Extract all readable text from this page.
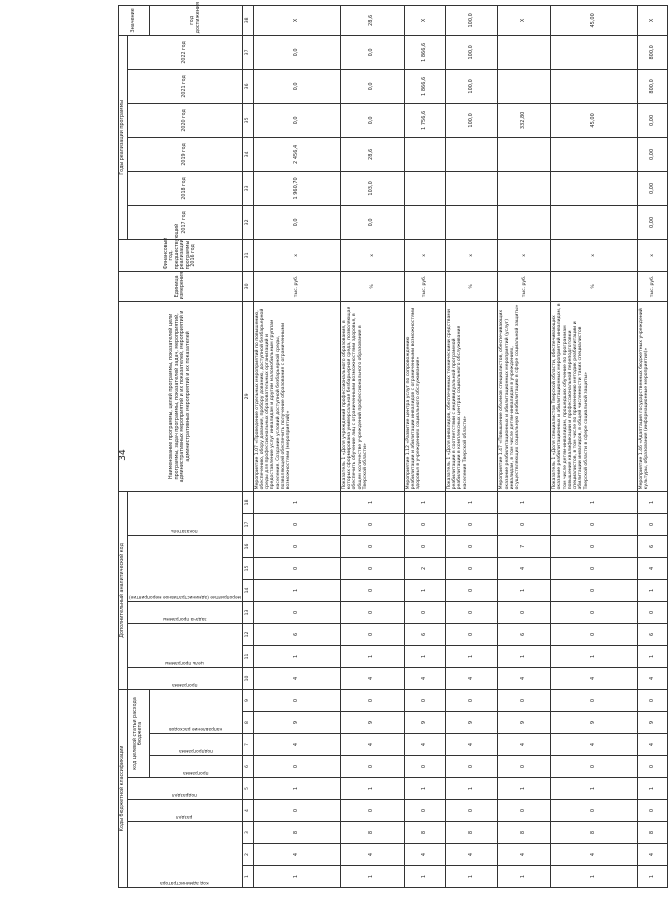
34
Коды бюджетной классификации									Дополнительный аналитический код									Наименование программы, целей программы, показателей цели программы, задач программы, показателей задач, мероприятий, административных мероприятий и их показателей, мероприятий и административных мероприятий и их показателей	Единица измерения	Финансовый год, предшествующий реализации программы 2016 год	Годы реализации программы						Значение

код администратора			раздел	подраздел	код целевой статьи расхода бюджета				программа	цель программы		задача программы	мероприятие (административное мероприятие)			показатель					2017 год	2018 год	2019 год	2020 год	2021 год	2022 год	

					программа	подпрограмма	направление расходов																				год достижения
1	2	3	4	5	6	7	8	9	10	11	12	13	14	15	16	17	18	29	30	31	32	33	34	35	36	37	38
1	4	8	0	1	0	4	9	0	4	1	6	0	1	0	0	0	1	Мероприятие 1.07 «Проведение отдельных мероприятий по повышению, обеспечению, обору дования, пробору дованию, доступной безбарьерной среды для профессиональных образовательных организаций и предоставление услуг инвалидам и другим маломобильным группам населения. Создание условий доступной безбарьерной среды, позволяющей обеспечить получение образования с ограниченными возможностями (мероприятий)»	тыс. руб.	х	0,0	1 960,70	2 456,4	0,0	0,0	0,0	Х
1	4	8	0	1	0	4	9	0	4	1	0	0	0	0	0	0	1	Показатель 1 «Доля учреждений профессионального образования, в которых сформирована универсальная безбарьерная среда, позволяющая обеспечить обучение лиц с ограниченными возможностями здоровья, в общем количестве учреждений профессионального образования в Тверской области»	%	х	0,0	103,0	28,6	0,0	0,0	0,0	28,6
1	4	8	0	1	0	4	9	0	4	1	6	0	1	2	0	0	1	Мероприятие 1.12 «Развитие центра услуг по сопровождению реабилитации и абилитации инвалидов с ограниченными возможностями здоровья в учреждениях социального обслуживания»	тыс. руб.	х				1 756,6	1 866,6	1 866,6	Х
1	4	8	0	1	0	4	9	0	4	1	0	0	0	0	0	0	1	Показатель 1 «Доля инвалидов, обеспеченных техническими средствами реабилитации в соответствии с индивидуальной программой реабилитации в комплексных центрах социального обслуживания населения Тверской области»	%	х				100,0	100,0	100,0	100,0
1	4	8	0	1	0	4	9	0	4	1	6	0	1	4	7	0	1	Мероприятие 1.47 «Повышение объемов специалистов, обеспечивающих оказание реабилитационных и абилитационных мероприятий (услуг) инвалидам, в том числе детям-инвалидам в учреждениях, осуществляющих социальную реабилитацию в сфере социальной защиты»	тыс. руб.	х				332,80			Х
1	4	8	0	1	0	4	9	0	4	1	0	0	0	0	0	0	1	Показатель 1 «Доля специалистов Тверской области, обеспечивающих оказание реабилитационных и абилитационных мероприятий инвалидам, в том числе детям-инвалидам, прошедших обучение по программам повышения квалификации и профессиональной переподготовки специалистов, в том числе по применению методик реабилитации и абилитации инвалидов, в общей численности таких специалистов Тверской области в сфере социальной защиты»	%	х				45,00			45,00
1	4	8	0	1	0	4	9	0	4	1	6	0	1	4	6	0	1	Мероприятие 1.46 «Адаптация государственных бюджетных учреждений культуры, образования (информационные мероприятия)»	тыс. руб.	х	0,00	0,00	0,00	0,00	800,0	800,0	Х
